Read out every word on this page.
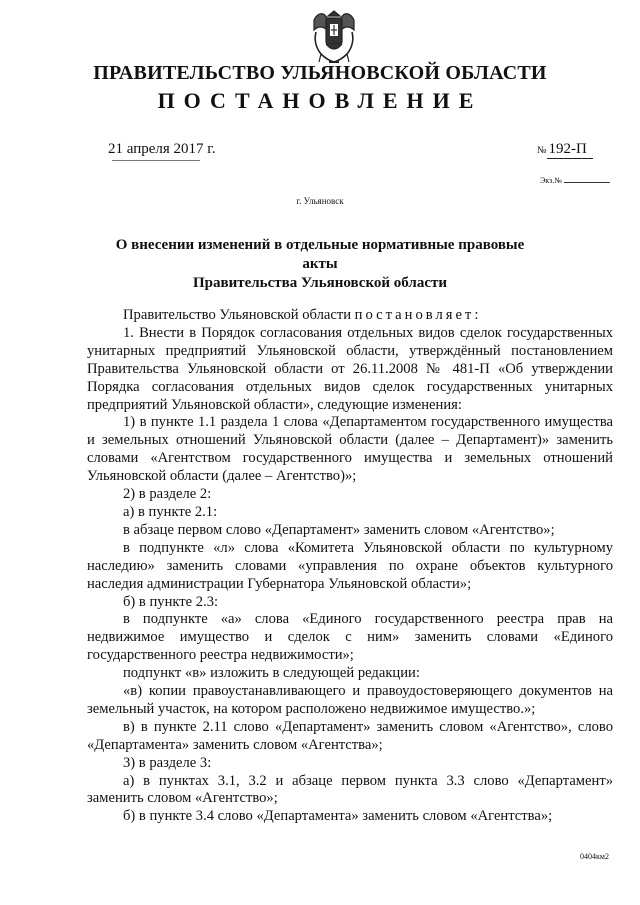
ПРАВИТЕЛЬСТВО УЛЬЯНОВСКОЙ ОБЛАСТИ
ПОСТАНОВЛЕНИЕ
21 апреля 2017 г.	№ 192-П
Экз.№
г. Ульяновск
О внесении изменений в отдельные нормативные правовые акты
Правительства Ульяновской области

Правительство Ульяновской области постановляет:

1. Внести в Порядок согласования отдельных видов сделок государственных унитарных предприятий Ульяновской области, утверждённый постановлением Правительства Ульяновской области от 26.11.2008 № 481-П «Об утверждении Порядка согласования отдельных видов сделок государственных унитарных предприятий Ульяновской области», следующие изменения:

1) в пункте 1.1 раздела 1 слова «Департаментом государственного имущества и земельных отношений Ульяновской области (далее – Департамент)» заменить словами «Агентством государственного имущества и земельных отношений Ульяновской области (далее – Агентство)»;

2) в разделе 2:

а) в пункте 2.1:

в абзаце первом слово «Департамент» заменить словом «Агентство»;

в подпункте «л» слова «Комитета Ульяновской области по культурному наследию» заменить словами «управления по охране объектов культурного наследия администрации Губернатора Ульяновской области»;

б) в пункте 2.3:

в подпункте «а» слова «Единого государственного реестра прав на недвижимое имущество и сделок с ним» заменить словами «Единого государственного реестра недвижимости»;

подпункт «в» изложить в следующей редакции:

«в) копии правоустанавливающего и правоудостоверяющего документов на земельный участок, на котором расположено недвижимое имущество.»;

в) в пункте 2.11 слово «Департамент» заменить словом «Агентство», слово «Департамента» заменить словом «Агентства»;

3) в разделе 3:

а) в пунктах 3.1, 3.2 и абзаце первом пункта 3.3 слово «Департамент» заменить словом «Агентство»;

б) в пункте 3.4 слово «Департамента» заменить словом «Агентства»;

0404км2
